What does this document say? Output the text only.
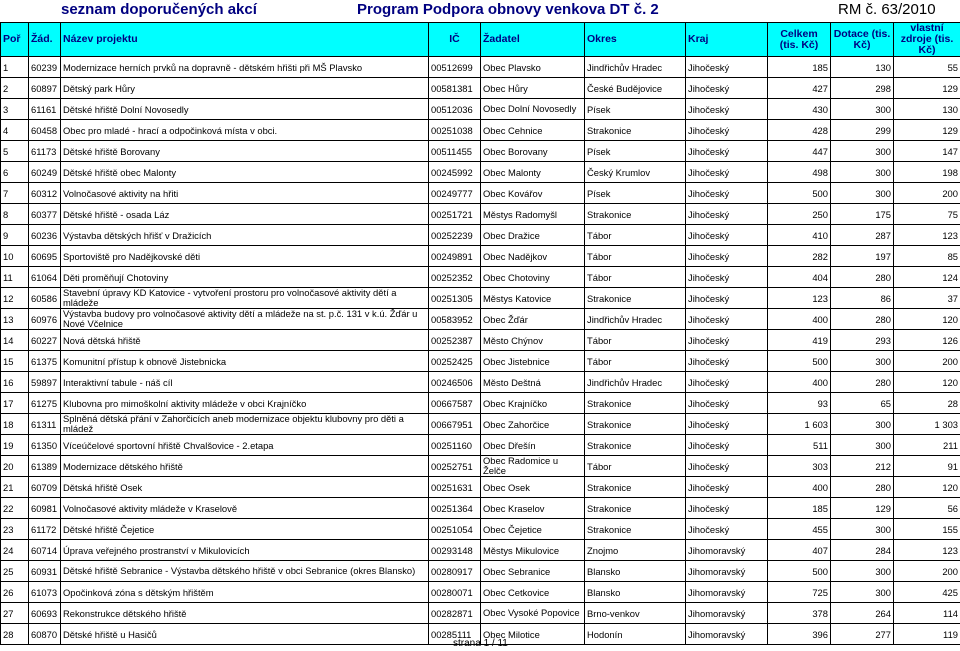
seznam doporučených akcí	Program Podpora obnovy venkova DT č. 2	RM č. 63/2010
Poř	Žád.	Název projektu	IČ	Žadatel	Okres	Kraj	Celkem (tis. Kč)	Dotace (tis. Kč)	vlastní zdroje (tis. Kč)
1	60239	Modernizace herních prvků na dopravně - dětském hřišti při MŠ Plavsko	00512699	Obec Plavsko	Jindřichův Hradec	Jihočeský	185	130	55
2	60897	Dětský park Hůry	00581381	Obec Hůry	České Budějovice	Jihočeský	427	298	129
3	61161	Dětské hřiště Dolní Novosedly	00512036	Obec Dolní Novosedly	Písek	Jihočeský	430	300	130
4	60458	Obec pro mladé - hrací a odpočinková místa v obci.	00251038	Obec Cehnice	Strakonice	Jihočeský	428	299	129
5	61173	Dětské hřiště Borovany	00511455	Obec Borovany	Písek	Jihočeský	447	300	147
6	60249	Dětské hřiště obec Malonty	00245992	Obec Malonty	Český Krumlov	Jihočeský	498	300	198
7	60312	Volnočasové aktivity na hřiti	00249777	Obec Kovářov	Písek	Jihočeský	500	300	200
8	60377	Dětské hřiště - osada Láz	00251721	Městys Radomyšl	Strakonice	Jihočeský	250	175	75
9	60236	Výstavba dětských hřišť v Dražicích	00252239	Obec Dražice	Tábor	Jihočeský	410	287	123
10	60695	Sportoviště pro Nadějkovské děti	00249891	Obec Nadějkov	Tábor	Jihočeský	282	197	85
11	61064	Děti proměňují Chotoviny	00252352	Obec Chotoviny	Tábor	Jihočeský	404	280	124
12	60586	Stavební úpravy KD Katovice - vytvoření prostoru pro volnočasové aktivity dětí a mládeže	00251305	Městys Katovice	Strakonice	Jihočeský	123	86	37
13	60976	Výstavba budovy pro volnočasové aktivity dětí a mládeže na st. p.č. 131 v k.ú. Žďár u Nové Včelnice	00583952	Obec Žďár	Jindřichův Hradec	Jihočeský	400	280	120
14	60227	Nová dětská hřiště	00252387	Město Chýnov	Tábor	Jihočeský	419	293	126
15	61375	Komunitní přístup k obnově Jistebnicka	00252425	Obec Jistebnice	Tábor	Jihočeský	500	300	200
16	59897	Interaktivní tabule - náš cíl	00246506	Město Deštná	Jindřichův Hradec	Jihočeský	400	280	120
17	61275	Klubovna pro mimoškolní aktivity mládeže v obci Krajníčko	00667587	Obec Krajníčko	Strakonice	Jihočeský	93	65	28
18	61311	Splněná dětská přání v Zahorčicích aneb modernizace objektu klubovny pro děti a mládež	00667951	Obec Zahorčice	Strakonice	Jihočeský	1 603	300	1 303
19	61350	Víceúčelové sportovní hřiště Chvalšovice - 2.etapa	00251160	Obec Dřešín	Strakonice	Jihočeský	511	300	211
20	61389	Modernizace dětského hřiště	00252751	Obec Radomice u Želče	Tábor	Jihočeský	303	212	91
21	60709	Dětská hřiště Osek	00251631	Obec Osek	Strakonice	Jihočeský	400	280	120
22	60981	Volnočasové aktivity mládeže v Kraselově	00251364	Obec Kraselov	Strakonice	Jihočeský	185	129	56
23	61172	Dětské hřiště Čejetice	00251054	Obec Čejetice	Strakonice	Jihočeský	455	300	155
24	60714	Úprava veřejného prostranství v Mikulovicích	00293148	Městys Mikulovice	Znojmo	Jihomoravský	407	284	123
25	60931	Dětské hřiště Sebranice - Výstavba dětského hřiště v obci Sebranice (okres Blansko)	00280917	Obec Sebranice	Blansko	Jihomoravský	500	300	200
26	61073	Opočinková zóna s dětským hřištěm	00280071	Obec Cetkovice	Blansko	Jihomoravský	725	300	425
27	60693	Rekonstrukce dětského hřiště	00282871	Obec Vysoké Popovice	Brno-venkov	Jihomoravský	378	264	114
28	60870	Dětské hřiště u Hasičů	00285111	Obec Milotice	Hodonín	Jihomoravský	396	277	119
strana 1 / 11
